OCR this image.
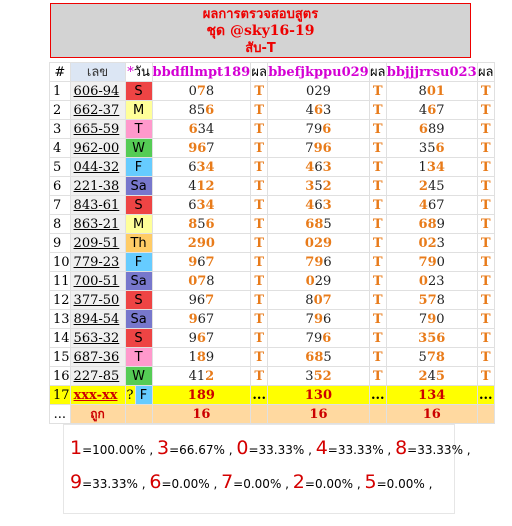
ผลการตรวจสอบสูตร
ชุด @sky16-19
สับ-T
#	เลข	*วัน		bbdfllmpt189	ผล	bbefjkppu029	ผล	bbjjjrrsu023	ผล
1	606-94	S		078	T	029	T	801	T
2	662-37	M		856	T	463	T	467	T
3	665-59	T		634	T	796	T	689	T
4	962-00	W		967	T	796	T	356	T
5	044-32	F		634	T	463	T	134	T
6	221-38	Sa		412	T	352	T	245	T
7	843-61	S		634	T	463	T	467	T
8	863-21	M		856	T	685	T	689	T
9	209-51	Th		290	T	029	T	023	T
10	779-23	F		967	T	796	T	790	T
11	700-51	Sa		078	T	029	T	023	T
12	377-50	S		967	T	807	T	578	T
13	894-54	Sa		967	T	796	T	790	T
14	563-32	S		967	T	796	T	356	T
15	687-36	T		189	T	685	T	578	T
16	227-85	W		412	T	352	T	245	T
17	xxx-xx	?	F	189	...	130	...	134	...
...	ถูก			16		16		16	
1=100.00% , 3=66.67% , 0=33.33% , 4=33.33% , 8=33.33% ,
9=33.33% , 6=0.00% , 7=0.00% , 2=0.00% , 5=0.00% ,
